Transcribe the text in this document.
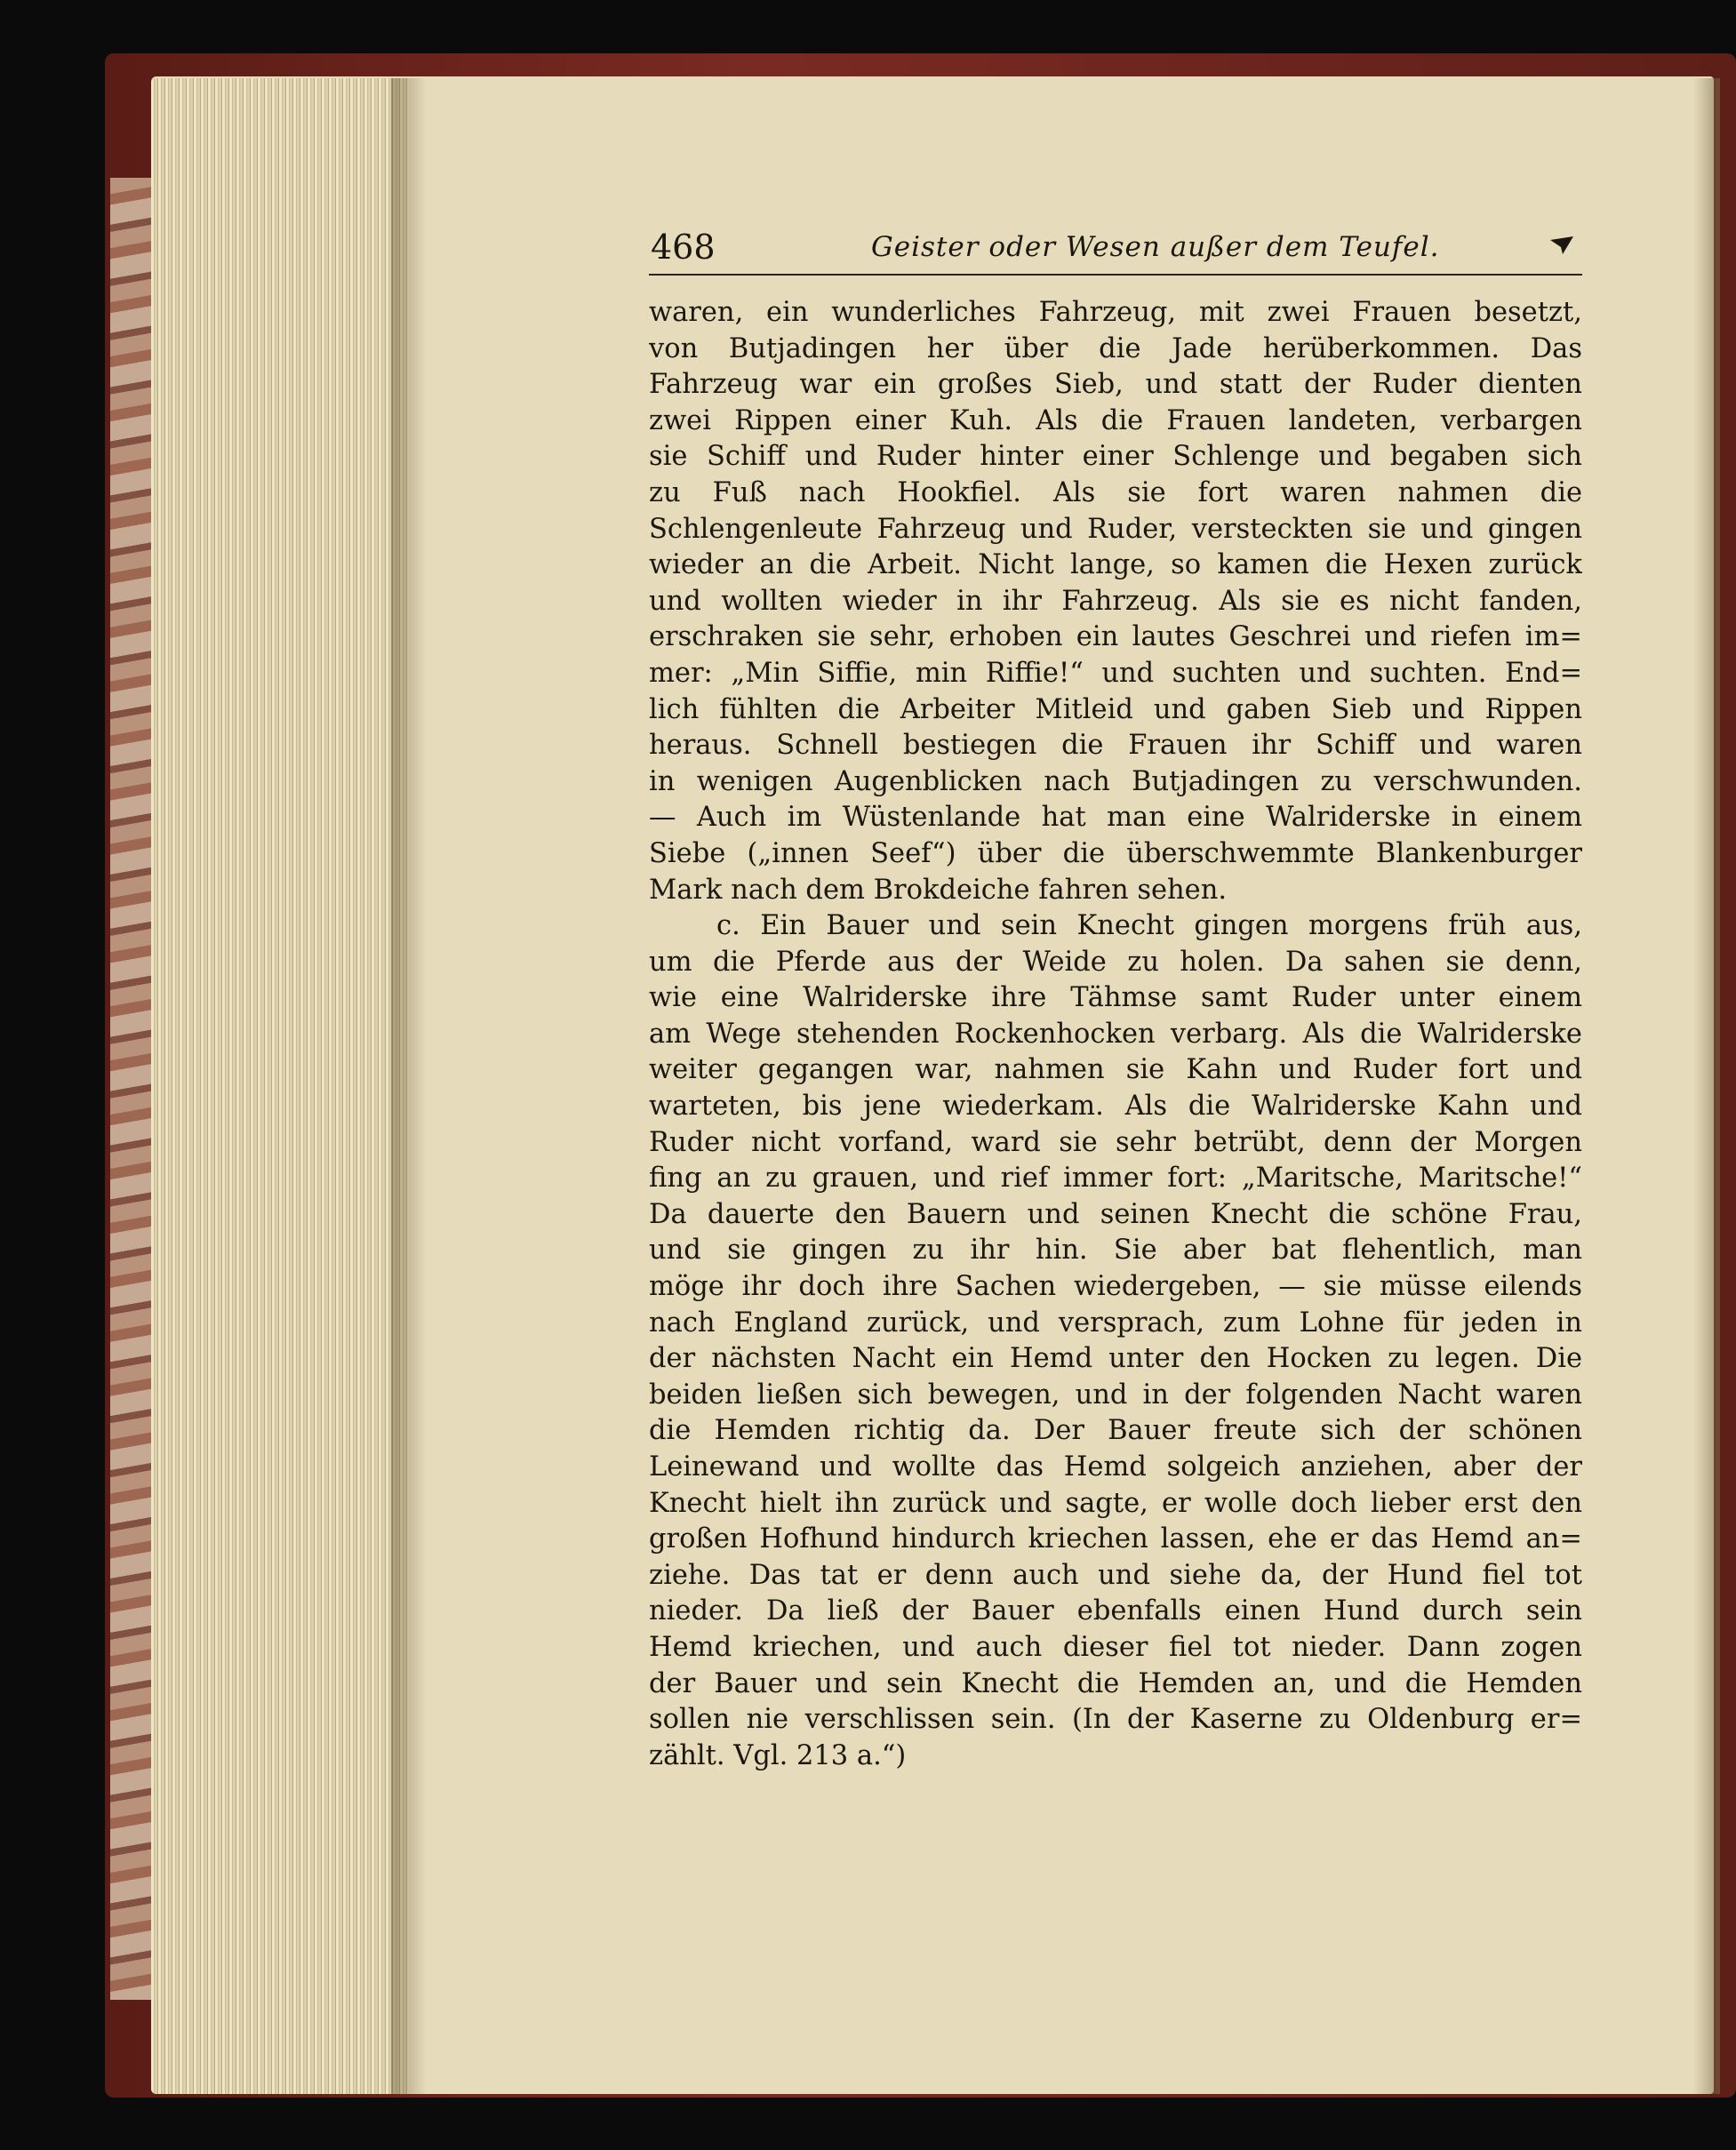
468	Geister oder Wesen außer dem Teufel.
waren, ein wunderliches Fahrzeug, mit zwei Frauen besetzt,
von Butjadingen her über die Jade herüberkommen. Das
Fahrzeug war ein großes Sieb, und statt der Ruder dienten
zwei Rippen einer Kuh. Als die Frauen landeten, verbargen
sie Schiff und Ruder hinter einer Schlenge und begaben sich
zu Fuß nach Hookfiel. Als sie fort waren nahmen die
Schlengenleute Fahrzeug und Ruder, versteckten sie und gingen
wieder an die Arbeit. Nicht lange, so kamen die Hexen zurück
und wollten wieder in ihr Fahrzeug. Als sie es nicht fanden,
erschraken sie sehr, erhoben ein lautes Geschrei und riefen im=
mer: „Min Siffie, min Riffie!“ und suchten und suchten. End=
lich fühlten die Arbeiter Mitleid und gaben Sieb und Rippen
heraus. Schnell bestiegen die Frauen ihr Schiff und waren
in wenigen Augenblicken nach Butjadingen zu verschwunden.
— Auch im Wüstenlande hat man eine Walriderske in einem
Siebe („innen Seef“) über die überschwemmte Blankenburger
Mark nach dem Brokdeiche fahren sehen.
c. Ein Bauer und sein Knecht gingen morgens früh aus,
um die Pferde aus der Weide zu holen. Da sahen sie denn,
wie eine Walriderske ihre Tähmse samt Ruder unter einem
am Wege stehenden Rockenhocken verbarg. Als die Walriderske
weiter gegangen war, nahmen sie Kahn und Ruder fort und
warteten, bis jene wiederkam. Als die Walriderske Kahn und
Ruder nicht vorfand, ward sie sehr betrübt, denn der Morgen
fing an zu grauen, und rief immer fort: „Maritsche, Maritsche!“
Da dauerte den Bauern und seinen Knecht die schöne Frau,
und sie gingen zu ihr hin. Sie aber bat flehentlich, man
möge ihr doch ihre Sachen wiedergeben, — sie müsse eilends
nach England zurück, und versprach, zum Lohne für jeden in
der nächsten Nacht ein Hemd unter den Hocken zu legen. Die
beiden ließen sich bewegen, und in der folgenden Nacht waren
die Hemden richtig da. Der Bauer freute sich der schönen
Leinewand und wollte das Hemd solgeich anziehen, aber der
Knecht hielt ihn zurück und sagte, er wolle doch lieber erst den
großen Hofhund hindurch kriechen lassen, ehe er das Hemd an=
ziehe. Das tat er denn auch und siehe da, der Hund fiel tot
nieder. Da ließ der Bauer ebenfalls einen Hund durch sein
Hemd kriechen, und auch dieser fiel tot nieder. Dann zogen
der Bauer und sein Knecht die Hemden an, und die Hemden
sollen nie verschlissen sein. (In der Kaserne zu Oldenburg er=
zählt. Vgl. 213 a.“)
